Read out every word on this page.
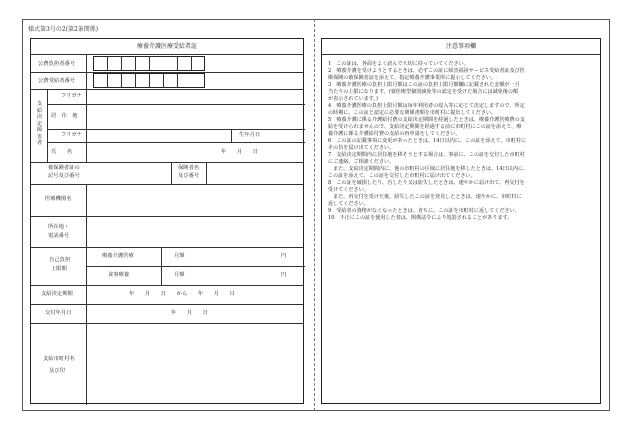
様式第3号の2(第2条関係)
療養介護医療受給者証
公費負担者番号
公費受給者番号
支給決定障害者
フリガナ
居　住　地
フリガナ	生年月日
氏　　名	年　　月　　日
被保険者証の
記号及び番号
保険者名
及び番号
医療機関名
所在地・
電話番号
自己負担
上限額
療養介護医療	月額	円
食事療養	月額	円
支給決定期間	年　　月　　日　　から　　年　　月　　日
交付年月日	年　　月　　日
支給市町村名
及び印
注意事項欄
1　この証は、各面をよく読んで大切に持っていてください。
2　療養介護を受けようとするときは、必ずこの証に障害福祉サービス受給者証及び医
療保険の被保険者証を添えて、指定療養介護事業所に提示してください。
3　療養介護医療の負担上限月額はこの証の負担上限月額欄に記載された金額が一月
当たりの上限になります。(寮医療型個別減免等の認定を受けた場合には減免後の額
が表示されています。)
4　療養介護医療の負担上限月額は毎年利用者の収入等に応じて決定しますので、所定
の時期に、この証と認定に必要な関係書類を市町村に提出してください。
5　療養介護に係る介護給付費の支給決定期間を経過したときは、療養介護医療費の支
給を受けられませんので、支給決定期間を経過する前に市町村にこの証を添えて、療
養介護に係る介護給付費の支給の再申請をしてください。
6　この証の記載事項に変更があったときは、14日以内に、この証を添えて、市町村に
その旨を届け出てください。
7　支給決定期間内に居住地を移そうとする場合は、事前に、この証を交付した市町村
にご連絡、ご相談ください。
　また、支給決定期間内に、他の市町村の区域に居住地を移したときは、14日以内に、
この証を添えて、この証を交付した市町村に届け出てください。
8　この証を破損したり、汚したり又は紛失したときは、速やかに届け出て、再交付を
受けてください。
　また、再交付を受けた後、紛失したこの証を発見したときは、速やかに、市町村に
返してください。
9　受給者の資格がなくなったときは、直ちに、この証を市町村に返してください。
10　不正にこの証を使用した者は、関係法令により処罰されることがあります。
